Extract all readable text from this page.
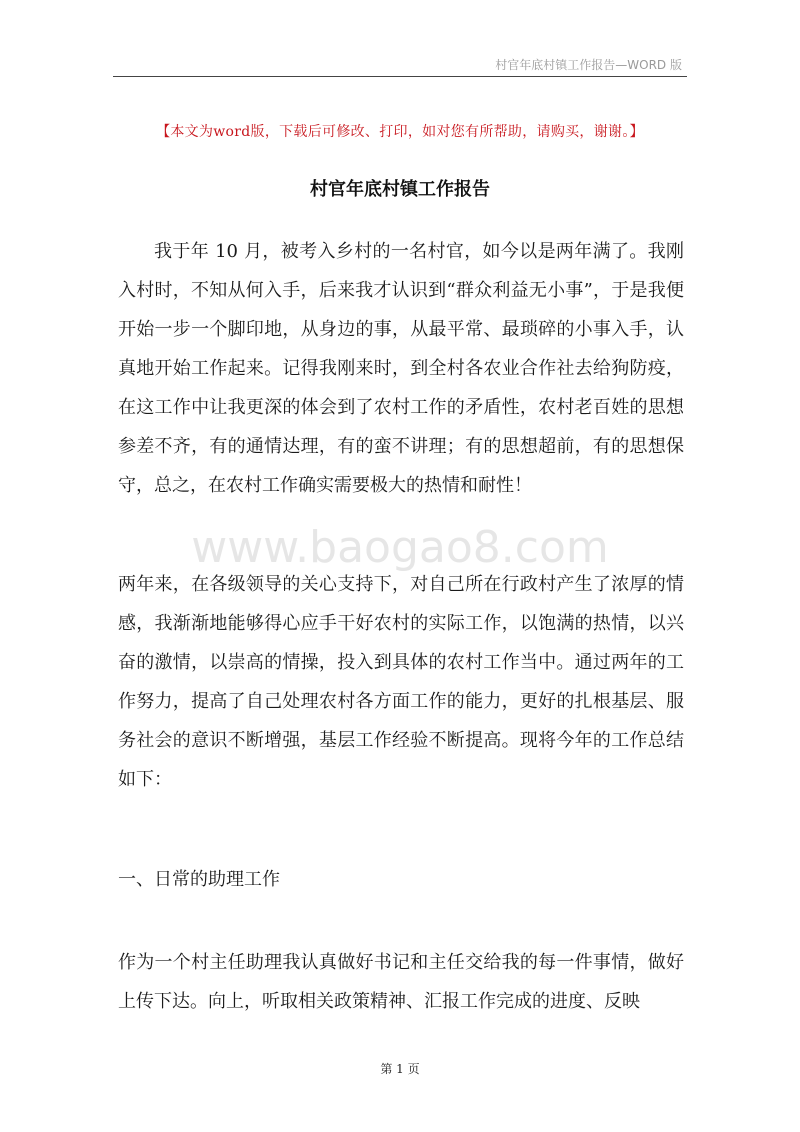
村官年底村镇工作报告—WORD 版
【本文为word版，下载后可修改、打印，如对您有所帮助，请购买，谢谢。】
村官年底村镇工作报告

我于年 10 月，被考入乡村的一名村官，如今以是两年满了。我刚入村时，不知从何入手，后来我才认识到“群众利益无小事”，于是我便开始一步一个脚印地，从身边的事，从最平常、最琐碎的小事入手，认真地开始工作起来。记得我刚来时，到全村各农业合作社去给狗防疫，在这工作中让我更深的体会到了农村工作的矛盾性，农村老百姓的思想参差不齐，有的通情达理，有的蛮不讲理；有的思想超前，有的思想保守，总之，在农村工作确实需要极大的热情和耐性！

www.baogao8.com

两年来，在各级领导的关心支持下，对自己所在行政村产生了浓厚的情感，我渐渐地能够得心应手干好农村的实际工作，以饱满的热情，以兴奋的激情，以崇高的情操，投入到具体的农村工作当中。通过两年的工作努力，提高了自己处理农村各方面工作的能力，更好的扎根基层、服务社会的意识不断增强，基层工作经验不断提高。现将今年的工作总结如下：

一、日常的助理工作

作为一个村主任助理我认真做好书记和主任交给我的每一件事情，做好上传下达。向上，听取相关政策精神、汇报工作完成的进度、反映

第 1 页
